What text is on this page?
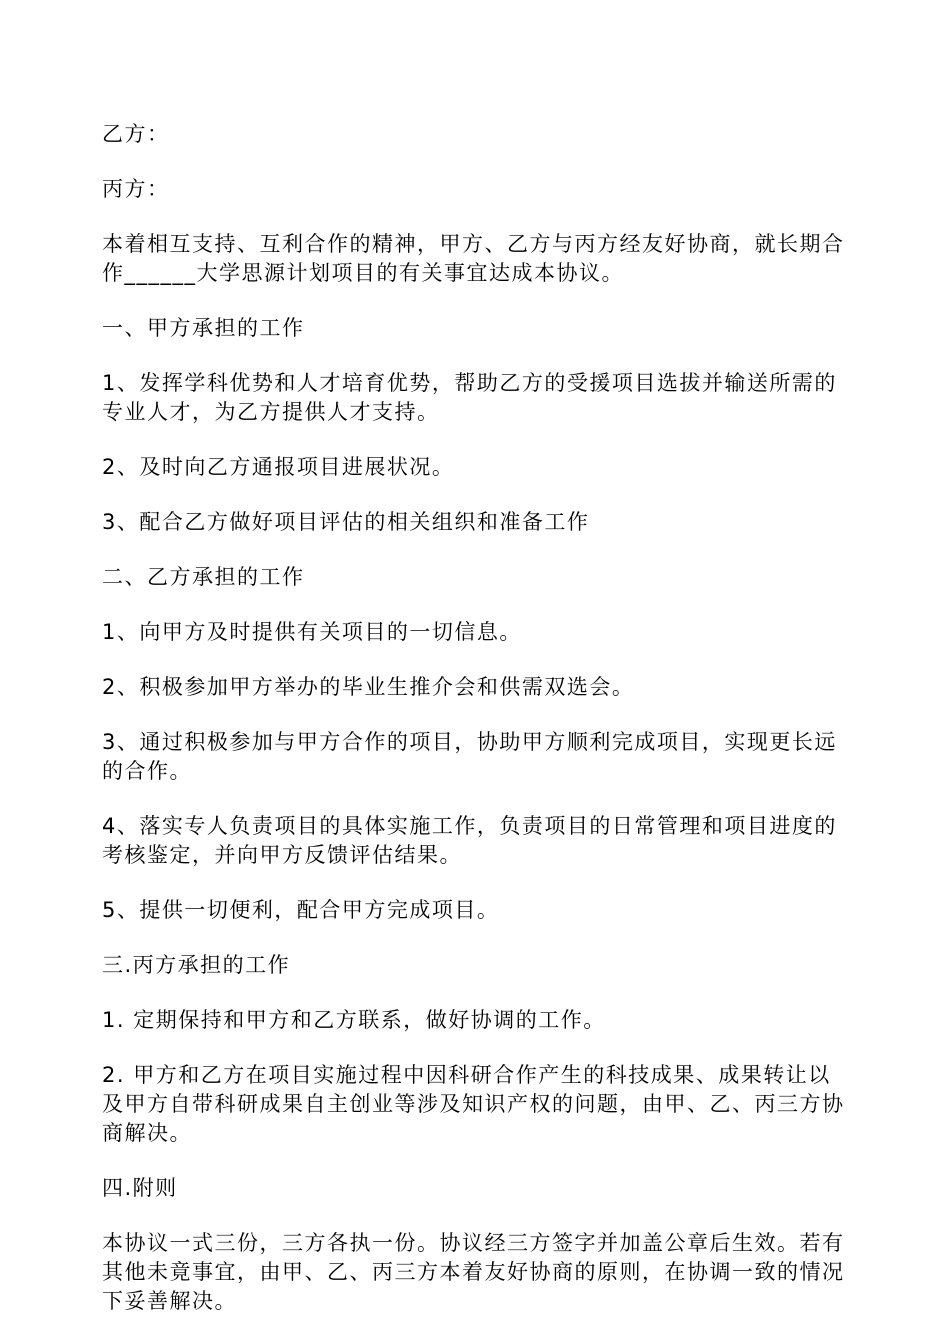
乙方：

丙方：

本着相互支持、互利合作的精神，甲方、乙方与丙方经友好协商，就长期合作______大学思源计划项目的有关事宜达成本协议。

一、甲方承担的工作

1、发挥学科优势和人才培育优势，帮助乙方的受援项目选拔并输送所需的专业人才，为乙方提供人才支持。

2、及时向乙方通报项目进展状况。

3、配合乙方做好项目评估的相关组织和准备工作

二、乙方承担的工作

1、向甲方及时提供有关项目的一切信息。

2、积极参加甲方举办的毕业生推介会和供需双选会。

3、通过积极参加与甲方合作的项目，协助甲方顺利完成项目，实现更长远的合作。

4、落实专人负责项目的具体实施工作，负责项目的日常管理和项目进度的考核鉴定，并向甲方反馈评估结果。

5、提供一切便利，配合甲方完成项目。

三.丙方承担的工作

1. 定期保持和甲方和乙方联系，做好协调的工作。

2. 甲方和乙方在项目实施过程中因科研合作产生的科技成果、成果转让以及甲方自带科研成果自主创业等涉及知识产权的问题，由甲、乙、丙三方协商解决。

四.附则

本协议一式三份，三方各执一份。协议经三方签字并加盖公章后生效。若有其他未竟事宜，由甲、乙、丙三方本着友好协商的原则，在协调一致的情况下妥善解决。
